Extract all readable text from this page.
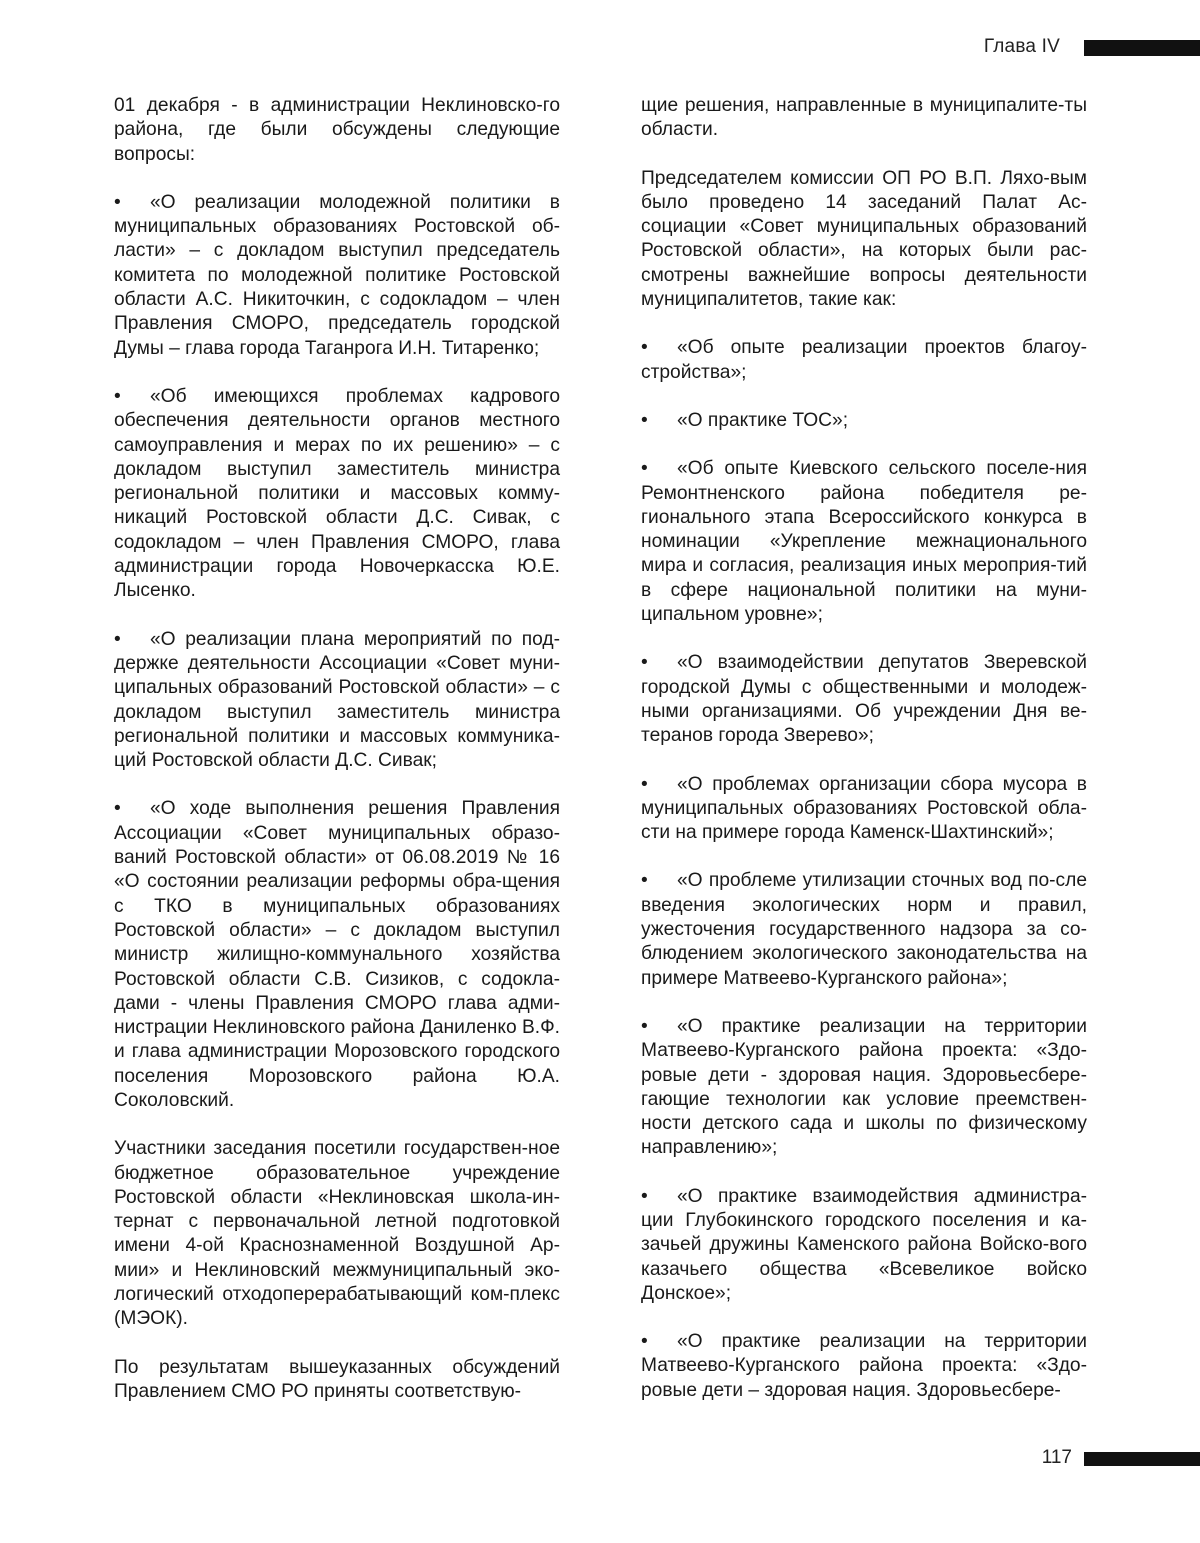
Глава IV

01 декабря - в администрации Неклиновско-го района, где были обсуждены следующие вопросы:

• «О реализации молодежной политики в муниципальных образованиях Ростовской об-ласти» – с докладом выступил председатель комитета по молодежной политике Ростовской области А.С. Никиточкин, с содокладом – член Правления СМОРО, председатель городской Думы – глава города Таганрога И.Н. Титаренко;

• «Об имеющихся проблемах кадрового обеспечения деятельности органов местного самоуправления и мерах по их решению» – с докладом выступил заместитель министра региональной политики и массовых комму-никаций Ростовской области Д.С. Сивак, с содокладом – член Правления СМОРО, глава администрации города Новочеркасска Ю.Е. Лысенко.

• «О реализации плана мероприятий по под-держке деятельности Ассоциации «Совет муни-ципальных образований Ростовской области» – с докладом выступил заместитель министра региональной политики и массовых коммуника-ций Ростовской области Д.С. Сивак;

• «О ходе выполнения решения Правления Ассоциации «Совет муниципальных образо-ваний Ростовской области» от 06.08.2019 № 16 «О состоянии реализации реформы обра-щения с ТКО в муниципальных образованиях Ростовской области» – с докладом выступил министр жилищно-коммунального хозяйства Ростовской области С.В. Сизиков, с содокла-дами - члены Правления СМОРО глава адми-нистрации Неклиновского района Даниленко В.Ф. и глава администрации Морозовского городского поселения Морозовского района Ю.А. Соколовский.

Участники заседания посетили государствен-ное бюджетное образовательное учреждение Ростовской области «Неклиновская школа-ин-тернат с первоначальной летной подготовкой имени 4-ой Краснознаменной Воздушной Ар-мии» и Неклиновский межмуниципальный эко-логический отходоперерабатывающий ком-плекс (МЭОК).

По результатам вышеуказанных обсуждений Правлением СМО РО приняты соответствую-

щие решения, направленные в муниципалите-ты области.

Председателем комиссии ОП РО В.П. Ляхо-вым было проведено 14 заседаний Палат Ас-социации «Совет муниципальных образований Ростовской области», на которых были рас-смотрены важнейшие вопросы деятельности муниципалитетов, такие как:

• «Об опыте реализации проектов благоу-стройства»;

• «О практике ТОС»;

• «Об опыте Киевского сельского поселе-ния Ремонтненского района победителя ре-гионального этапа Всероссийского конкурса в номинации «Укрепление межнационального мира и согласия, реализация иных мероприя-тий в сфере национальной политики на муни-ципальном уровне»;

• «О взаимодействии депутатов Зверевской городской Думы с общественными и молодеж-ными организациями. Об учреждении Дня ве-теранов города Зверево»;

• «О проблемах организации сбора мусора в муниципальных образованиях Ростовской обла-сти на примере города Каменск-Шахтинский»;

• «О проблеме утилизации сточных вод по-сле введения экологических норм и правил, ужесточения государственного надзора за со-блюдением экологического законодательства на примере Матвеево-Курганского района»;

• «О практике реализации на территории Матвеево-Курганского района проекта: «Здо-ровые дети - здоровая нация. Здоровьесбере-гающие технологии как условие преемствен-ности детского сада и школы по физическому направлению»;

• «О практике взаимодействия администра-ции Глубокинского городского поселения и ка-зачьей дружины Каменского района Войско-вого казачьего общества «Всевеликое войско Донское»;

• «О практике реализации на территории Матвеево-Курганского района проекта: «Здо-ровые дети – здоровая нация. Здоровьесбере-

117
